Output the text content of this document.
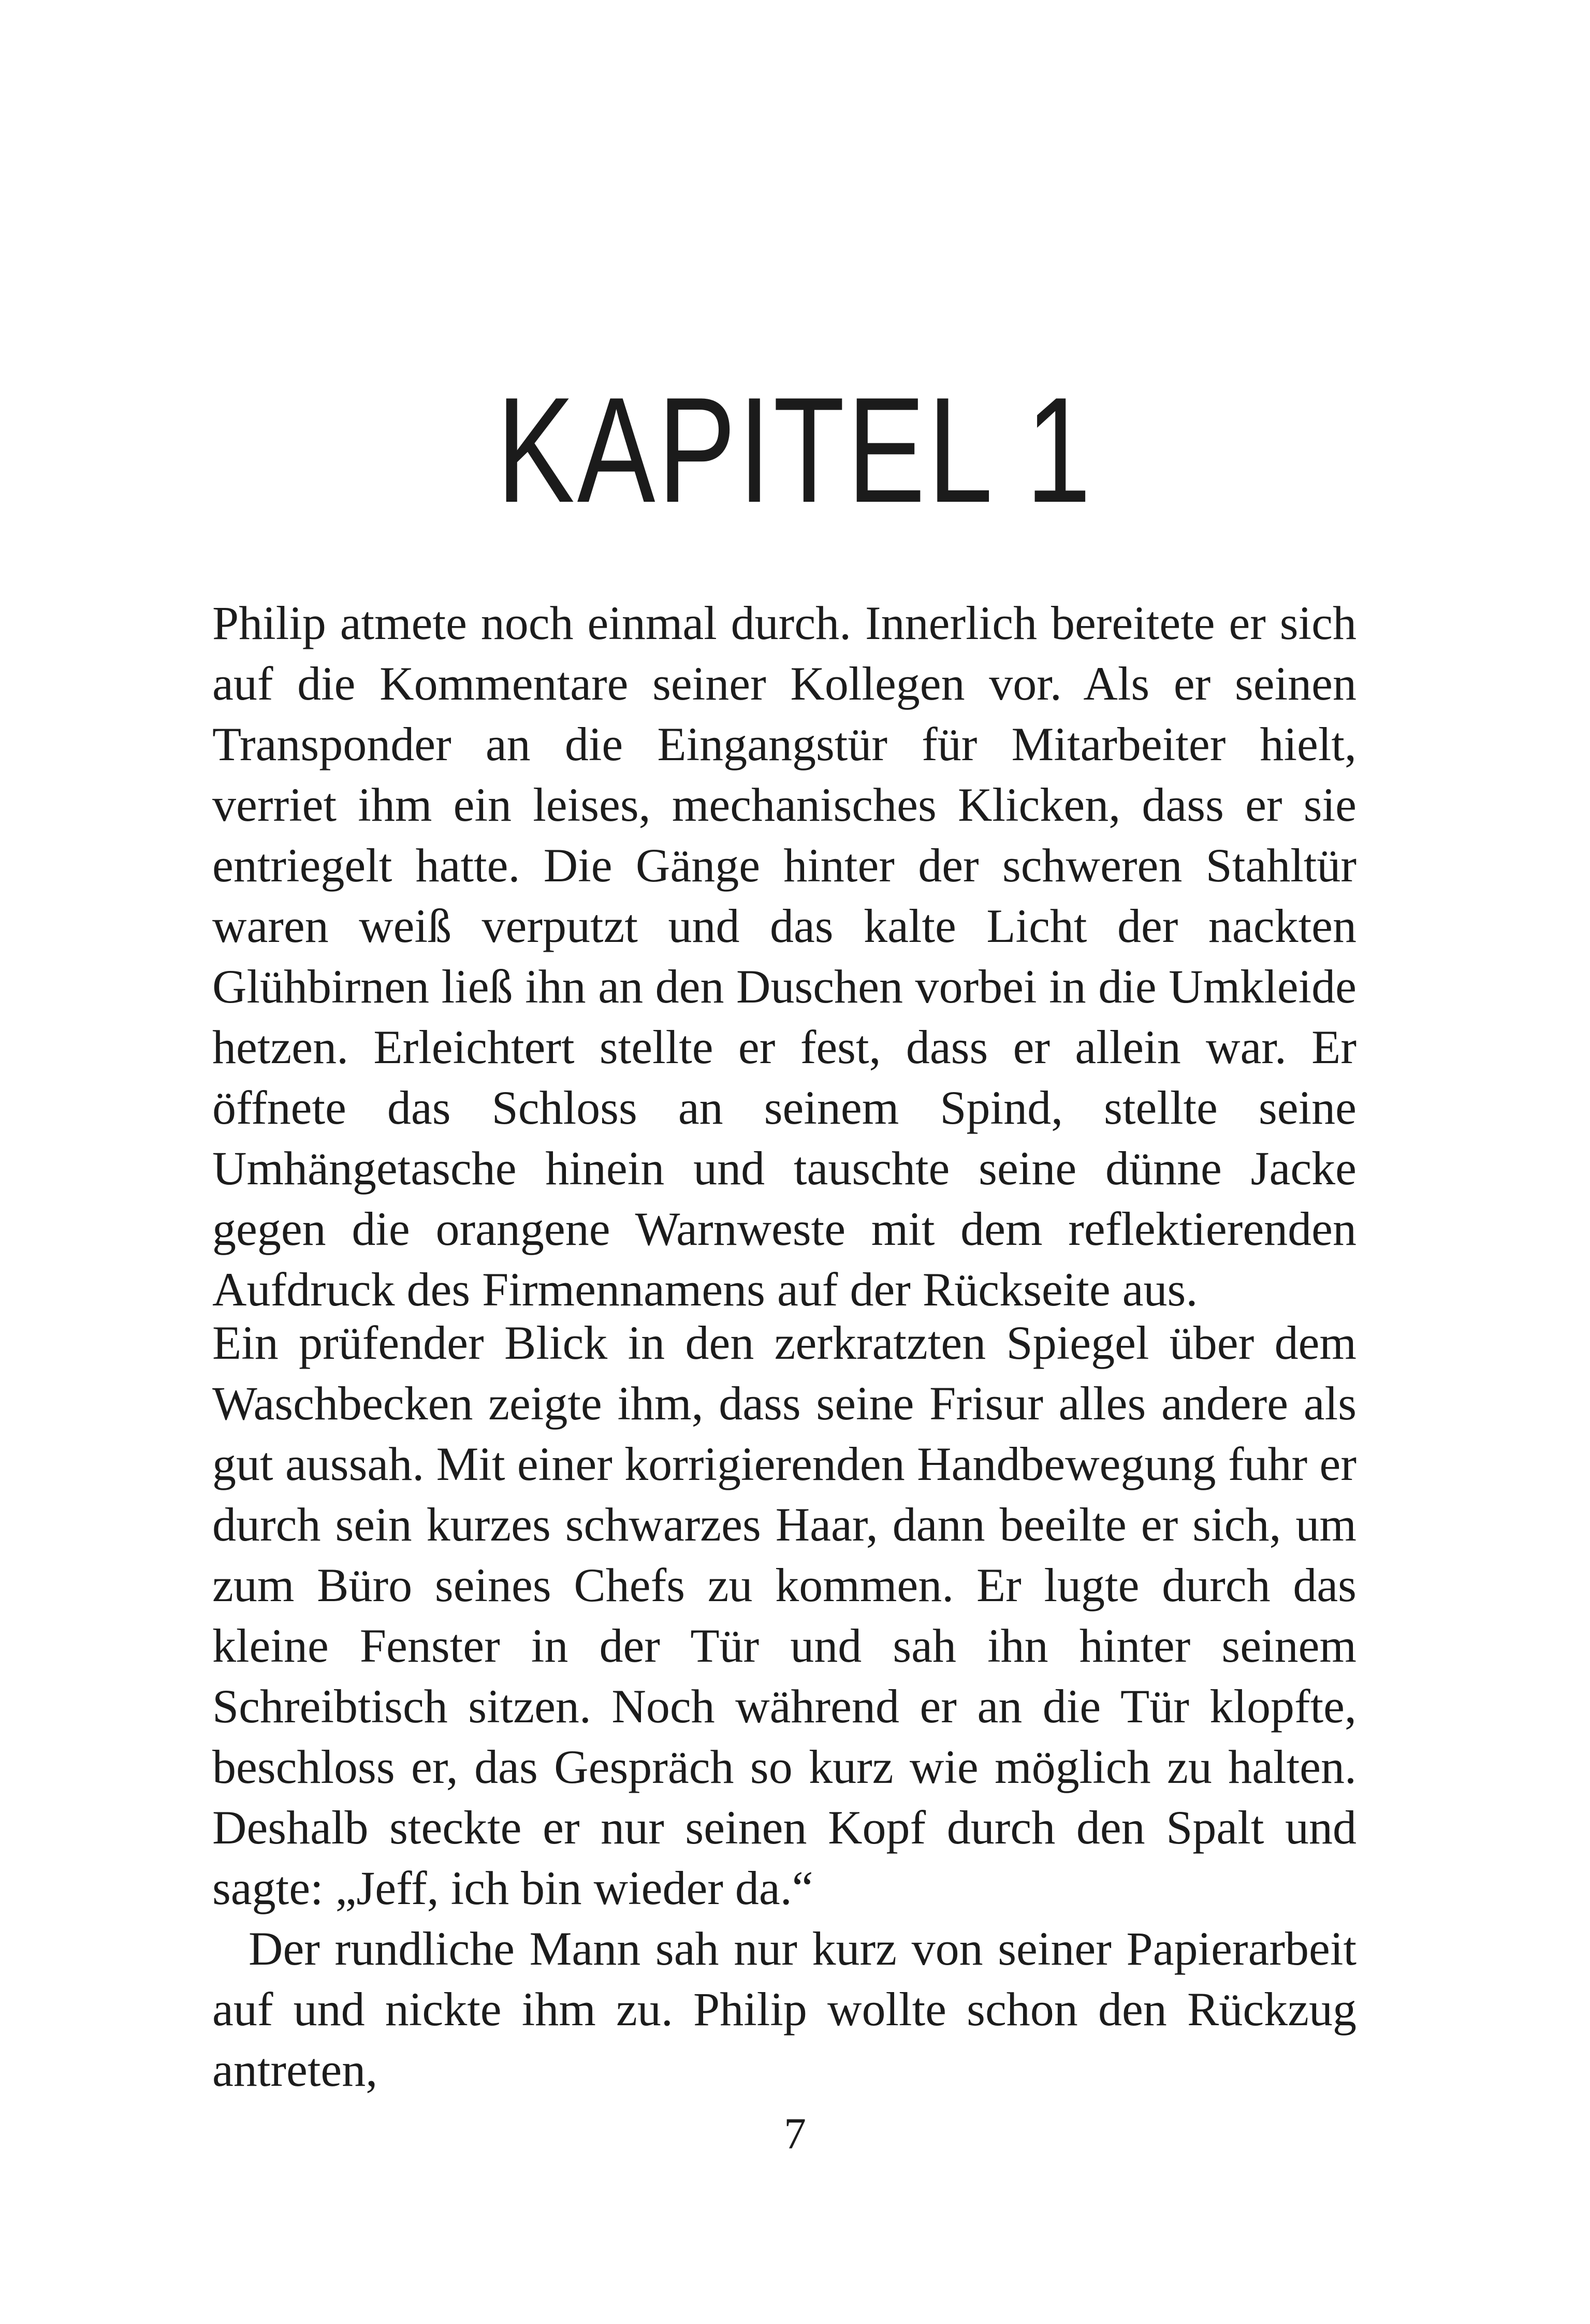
KAPITEL 1

Philip atmete noch einmal durch. Innerlich bereitete er sich auf die Kommentare seiner Kollegen vor. Als er seinen Transponder an die Eingangstür für Mitarbeiter hielt, verriet ihm ein leises, mechanisches Klicken, dass er sie entriegelt hatte. Die Gänge hinter der schweren Stahltür waren weiß verputzt und das kalte Licht der nackten Glühbirnen ließ ihn an den Duschen vorbei in die Umkleide hetzen. Erleichtert stellte er fest, dass er allein war. Er öffnete das Schloss an seinem Spind, stellte seine Umhängetasche hinein und tauschte seine dünne Jacke gegen die orangene Warnweste mit dem reflektierenden Aufdruck des Firmennamens auf der Rückseite aus.

Ein prüfender Blick in den zerkratzten Spiegel über dem Waschbecken zeigte ihm, dass seine Frisur alles andere als gut aussah. Mit einer korrigierenden Handbewegung fuhr er durch sein kurzes schwarzes Haar, dann beeilte er sich, um zum Büro seines Chefs zu kommen. Er lugte durch das kleine Fenster in der Tür und sah ihn hinter seinem Schreibtisch sitzen. Noch während er an die Tür klopfte, beschloss er, das Gespräch so kurz wie möglich zu halten. Deshalb steckte er nur seinen Kopf durch den Spalt und sagte: „Jeff, ich bin wieder da.“

Der rundliche Mann sah nur kurz von seiner Papierarbeit auf und nickte ihm zu. Philip wollte schon den Rückzug antreten,

7
